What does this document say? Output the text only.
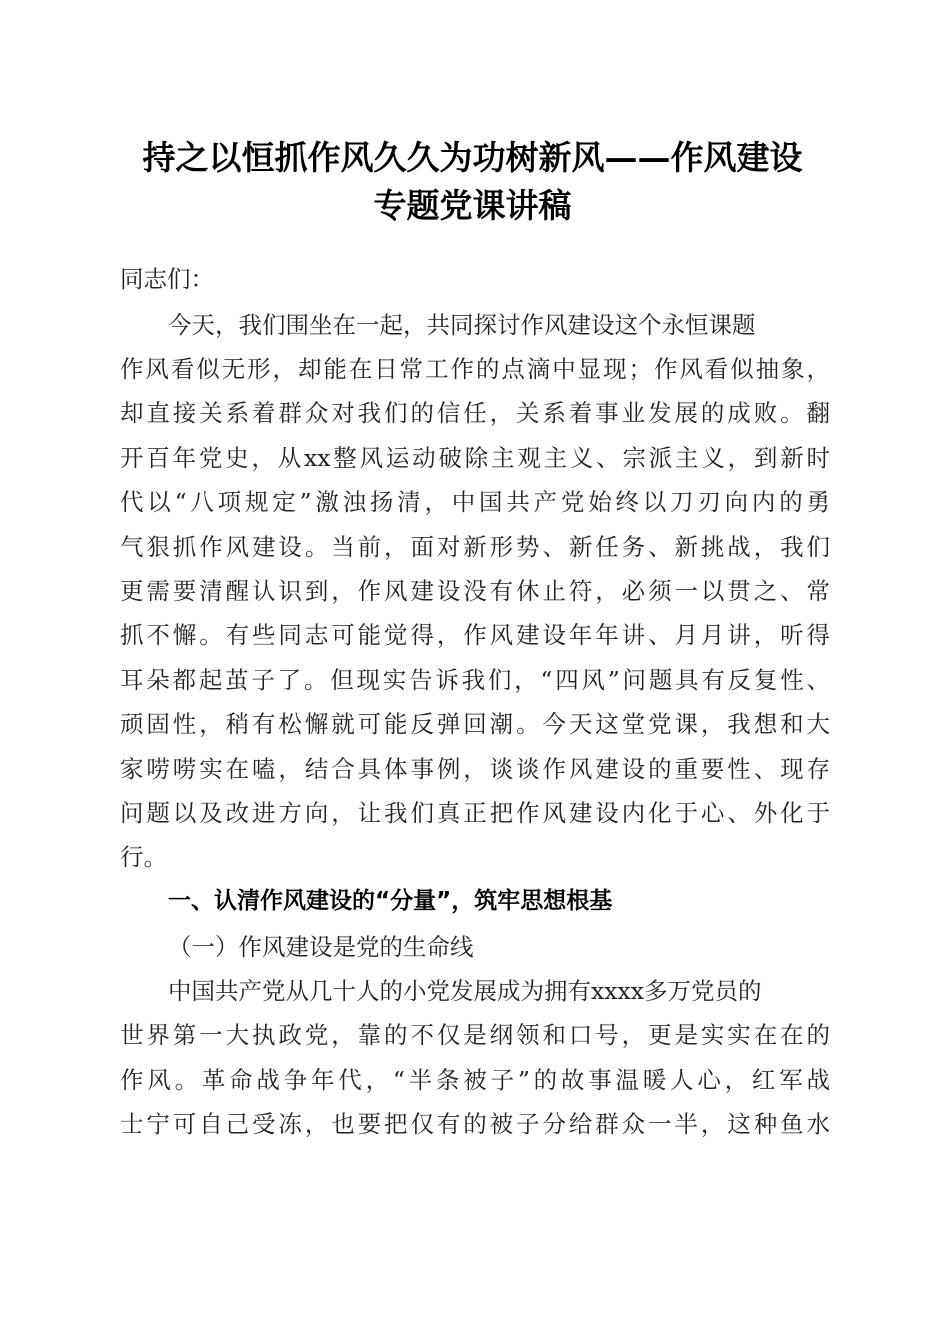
持之以恒抓作风久久为功树新风——作风建设
专题党课讲稿
同志们：
今天，我们围坐在一起，共同探讨作风建设这个永恒课题
作风看似无形，却能在日常工作的点滴中显现；作风看似抽象，
却直接关系着群众对我们的信任，关系着事业发展的成败。翻
开百年党史，从xx整风运动破除主观主义、宗派主义，到新时
代以“八项规定”激浊扬清，中国共产党始终以刀刃向内的勇
气狠抓作风建设。当前，面对新形势、新任务、新挑战，我们
更需要清醒认识到，作风建设没有休止符，必须一以贯之、常
抓不懈。有些同志可能觉得，作风建设年年讲、月月讲，听得
耳朵都起茧子了。但现实告诉我们，“四风”问题具有反复性、
顽固性，稍有松懈就可能反弹回潮。今天这堂党课，我想和大
家唠唠实在嗑，结合具体事例，谈谈作风建设的重要性、现存
问题以及改进方向，让我们真正把作风建设内化于心、外化于
行。
一、认清作风建设的“分量”，筑牢思想根基
（一）作风建设是党的生命线
中国共产党从几十人的小党发展成为拥有xxxx多万党员的
世界第一大执政党，靠的不仅是纲领和口号，更是实实在在的
作风。革命战争年代，“半条被子”的故事温暖人心，红军战
士宁可自己受冻，也要把仅有的被子分给群众一半，这种鱼水
